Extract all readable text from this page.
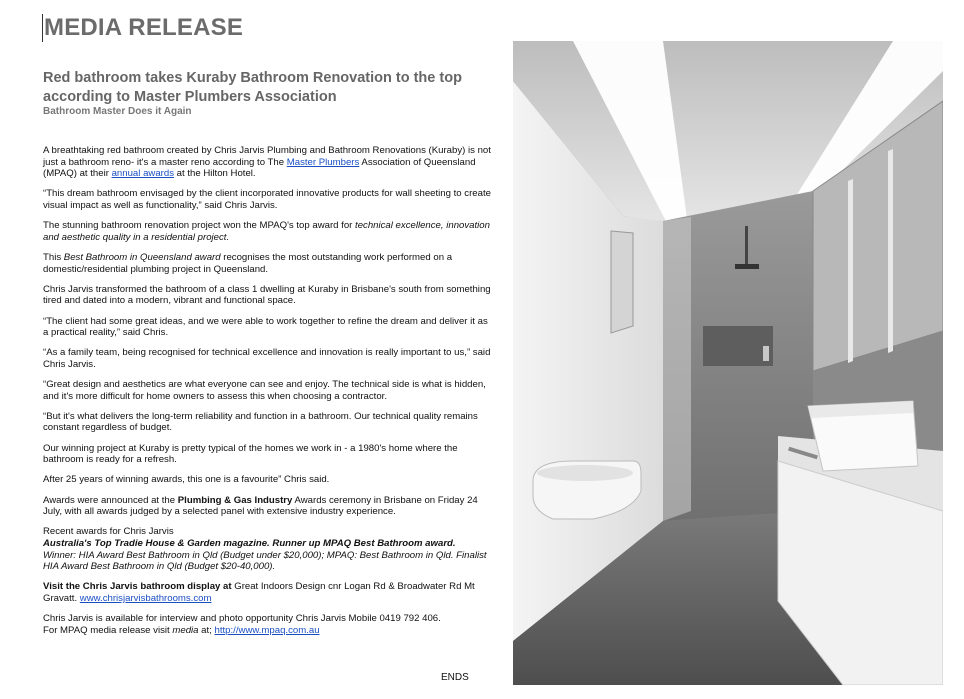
MEDIA RELEASE
Red bathroom takes Kuraby Bathroom Renovation to the top according to Master Plumbers Association
Bathroom Master Does it Again

A breathtaking red bathroom created by Chris Jarvis Plumbing and Bathroom Renovations (Kuraby) is not just a bathroom reno- it's a master reno according to The Master Plumbers Association of Queensland (MPAQ) at their annual awards at the Hilton Hotel.

“This dream bathroom envisaged by the client incorporated innovative products for wall sheeting to create visual impact as well as functionality,” said Chris Jarvis.

The stunning bathroom renovation project won the MPAQ's top award for technical excellence, innovation and aesthetic quality in a residential project.

This Best Bathroom in Queensland award recognises the most outstanding work performed on a domestic/residential plumbing project in Queensland.

Chris Jarvis transformed the bathroom of a class 1 dwelling at Kuraby in Brisbane's south from something tired and dated into a modern, vibrant and functional space.

“The client had some great ideas, and we were able to work together to refine the dream and deliver it as a practical reality,” said Chris.

“As a family team, being recognised for technical excellence and innovation is really important to us,” said Chris Jarvis.

“Great design and aesthetics are what everyone can see and enjoy. The technical side is what is hidden, and it's more difficult for home owners to assess this when choosing a contractor.

“But it's what delivers the long-term reliability and function in a bathroom. Our technical quality remains constant regardless of budget.

Our winning project at Kuraby is pretty typical of the homes we work in - a 1980's home where the bathroom is ready for a refresh.

After 25 years of winning awards, this one is a favourite” Chris said.

Awards were announced at the Plumbing & Gas Industry Awards ceremony in Brisbane on Friday 24 July, with all awards judged by a selected panel with extensive industry experience.

Recent awards for Chris Jarvis
Australia's Top Tradie House & Garden magazine. Runner up MPAQ Best Bathroom award.
Winner: HIA Award Best Bathroom in Qld (Budget under $20,000); MPAQ: Best Bathroom in Qld. Finalist HIA Award Best Bathroom in Qld (Budget $20-40,000).

Visit the Chris Jarvis bathroom display at Great Indoors Design cnr Logan Rd & Broadwater Rd Mt Gravatt. www.chrisjarvisbathrooms.com

Chris Jarvis is available for interview and photo opportunity Chris Jarvis Mobile 0419 792 406.
For MPAQ media release visit media at; http://www.mpaq.com.au

ENDS
